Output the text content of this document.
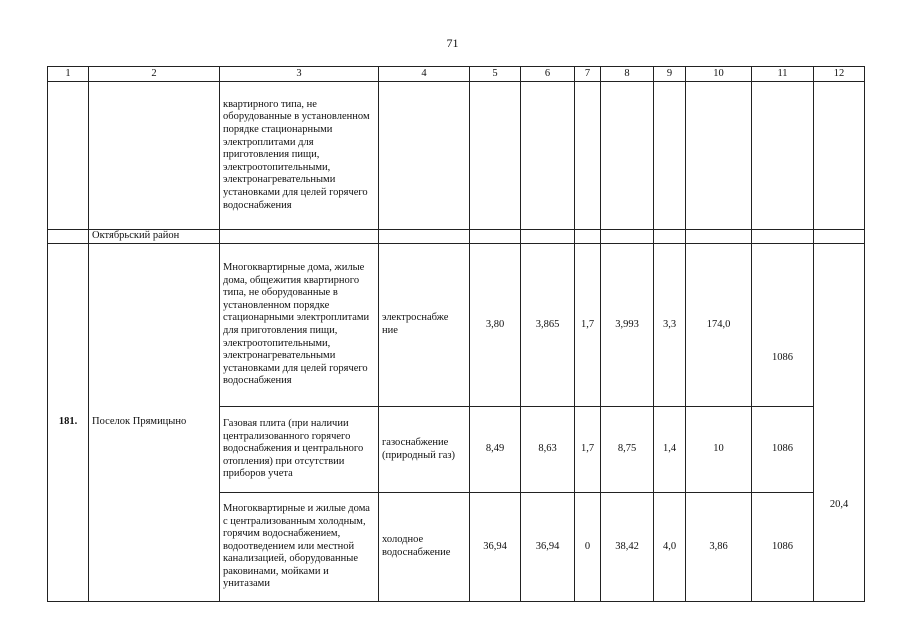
71
1	2	3	4	5	6	7	8	9	10	11	12
		квартирного типа, не оборудованные в установленном порядке стационарными электроплитами для приготовления пищи, электроотопительными, электронагревательными установками для целей горячего водоснабжения									
	Октябрьский район										
181.	Поселок Прямицыно	Многоквартирные дома, жилые дома, общежития квартирного типа, не оборудованные в установленном порядке стационарными электроплитами для приготовления пищи, электроотопительными, электронагревательными установками для целей горячего водоснабжения	электроснабже ние	3,80	3,865	1,7	3,993	3,3	174,0	1086	20,4
		Газовая плита (при наличии централизованного горячего водоснабжения и центрального отопления) при отсутствии приборов учета	газоснабжение (природный газ)	8,49	8,63	1,7	8,75	1,4	10	1086	
		Многоквартирные и жилые дома с централизованным холодным, горячим водоснабжением, водоотведением или местной канализацией, оборудованные раковинами, мойками и унитазами	холодное водоснабжение	36,94	36,94	0	38,42	4,0	3,86	1086	
